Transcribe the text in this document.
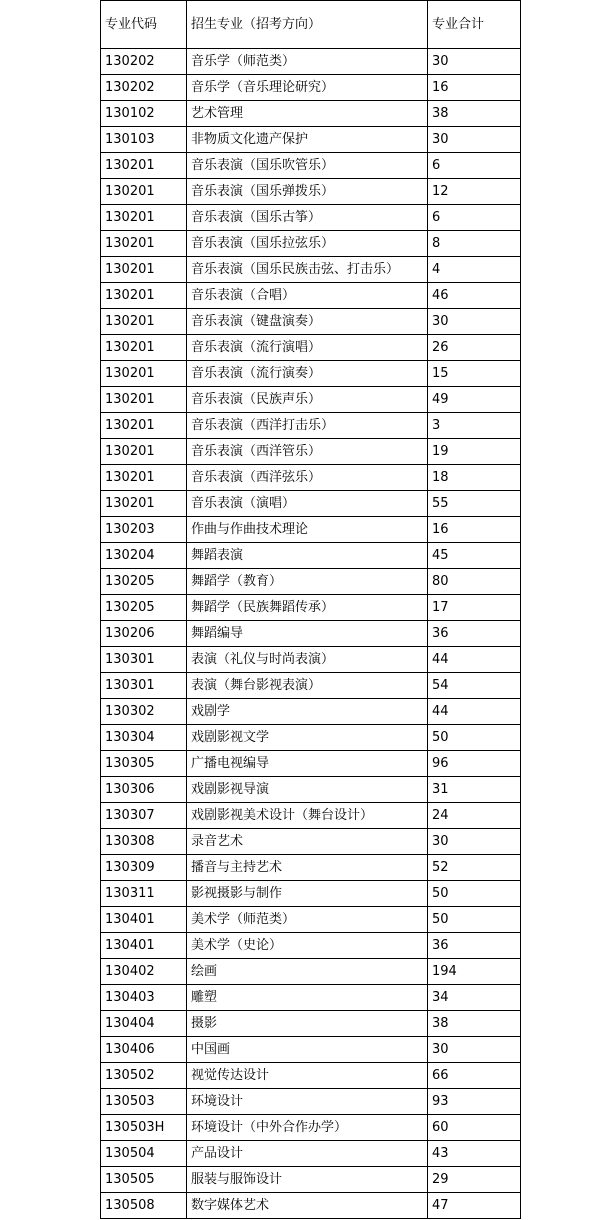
专业代码	招生专业（招考方向）	专业合计
130202	音乐学（师范类）	30
130202	音乐学（音乐理论研究）	16
130102	艺术管理	38
130103	非物质文化遗产保护	30
130201	音乐表演（国乐吹管乐）	6
130201	音乐表演（国乐弹拨乐）	12
130201	音乐表演（国乐古筝）	6
130201	音乐表演（国乐拉弦乐）	8
130201	音乐表演（国乐民族击弦、打击乐）	4
130201	音乐表演（合唱）	46
130201	音乐表演（键盘演奏）	30
130201	音乐表演（流行演唱）	26
130201	音乐表演（流行演奏）	15
130201	音乐表演（民族声乐）	49
130201	音乐表演（西洋打击乐）	3
130201	音乐表演（西洋管乐）	19
130201	音乐表演（西洋弦乐）	18
130201	音乐表演（演唱）	55
130203	作曲与作曲技术理论	16
130204	舞蹈表演	45
130205	舞蹈学（教育）	80
130205	舞蹈学（民族舞蹈传承）	17
130206	舞蹈编导	36
130301	表演（礼仪与时尚表演）	44
130301	表演（舞台影视表演）	54
130302	戏剧学	44
130304	戏剧影视文学	50
130305	广播电视编导	96
130306	戏剧影视导演	31
130307	戏剧影视美术设计（舞台设计）	24
130308	录音艺术	30
130309	播音与主持艺术	52
130311	影视摄影与制作	50
130401	美术学（师范类）	50
130401	美术学（史论）	36
130402	绘画	194
130403	雕塑	34
130404	摄影	38
130406	中国画	30
130502	视觉传达设计	66
130503	环境设计	93
130503H	环境设计（中外合作办学）	60
130504	产品设计	43
130505	服装与服饰设计	29
130508	数字媒体艺术	47
